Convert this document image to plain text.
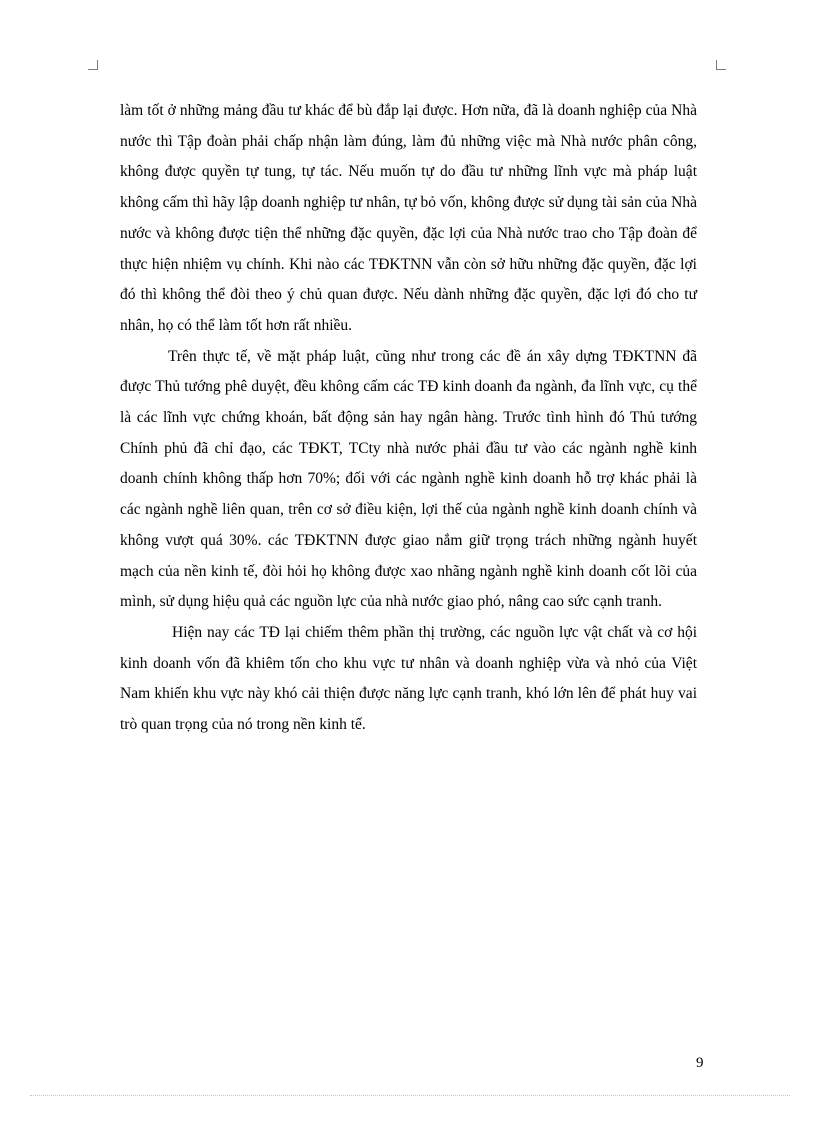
làm tốt ở những mảng đầu tư khác để bù đắp lại được. Hơn nữa, đã là doanh nghiệp của Nhà nước thì Tập đoàn phải chấp nhận làm đúng, làm đủ những việc mà Nhà nước phân công, không được quyền tự tung, tự tác. Nếu muốn tự do đầu tư những lĩnh vực mà pháp luật không cấm thì hãy lập doanh nghiệp tư nhân, tự bỏ vốn, không được sử dụng tài sản của Nhà nước và không được tiện thể những đặc quyền, đặc lợi của Nhà nước trao cho Tập đoàn để thực hiện nhiệm vụ chính. Khi nào các TĐKTNN vẫn còn sở hữu những đặc quyền, đặc lợi đó thì không thể đòi theo ý chủ quan được. Nếu dành những đặc quyền, đặc lợi đó cho tư nhân, họ có thể làm tốt hơn rất nhiều.

Trên thực tế, về mặt pháp luật, cũng như trong các đề án xây dựng TĐKTNN đã được Thủ tướng phê duyệt, đều không cấm các TĐ kinh doanh đa ngành, đa lĩnh vực, cụ thể là các lĩnh vực chứng khoán, bất động sản hay ngân hàng. Trước tình hình đó Thủ tướng Chính phủ đã chỉ đạo, các TĐKT, TCty nhà nước phải đầu tư vào các ngành nghề kinh doanh chính không thấp hơn 70%; đối với các ngành nghề kinh doanh hỗ trợ khác phải là các ngành nghề liên quan, trên cơ sở điều kiện, lợi thế của ngành nghề kinh doanh chính và không vượt quá 30%. các TĐKTNN được giao nắm giữ trọng trách những ngành huyết mạch của nền kinh tế, đòi hỏi họ không được xao nhãng ngành nghề kinh doanh cốt lõi của mình, sử dụng hiệu quả các nguồn lực của nhà nước giao phó, nâng cao sức cạnh tranh.

Hiện nay các TĐ lại chiếm thêm phần thị trường, các nguồn lực vật chất và cơ hội kinh doanh vốn đã khiêm tốn cho khu vực tư nhân và doanh nghiệp vừa và nhỏ của Việt Nam khiến khu vực này khó cải thiện được năng lực cạnh tranh, khó lớn lên để phát huy vai trò quan trọng của nó trong nền kinh tế.

9
